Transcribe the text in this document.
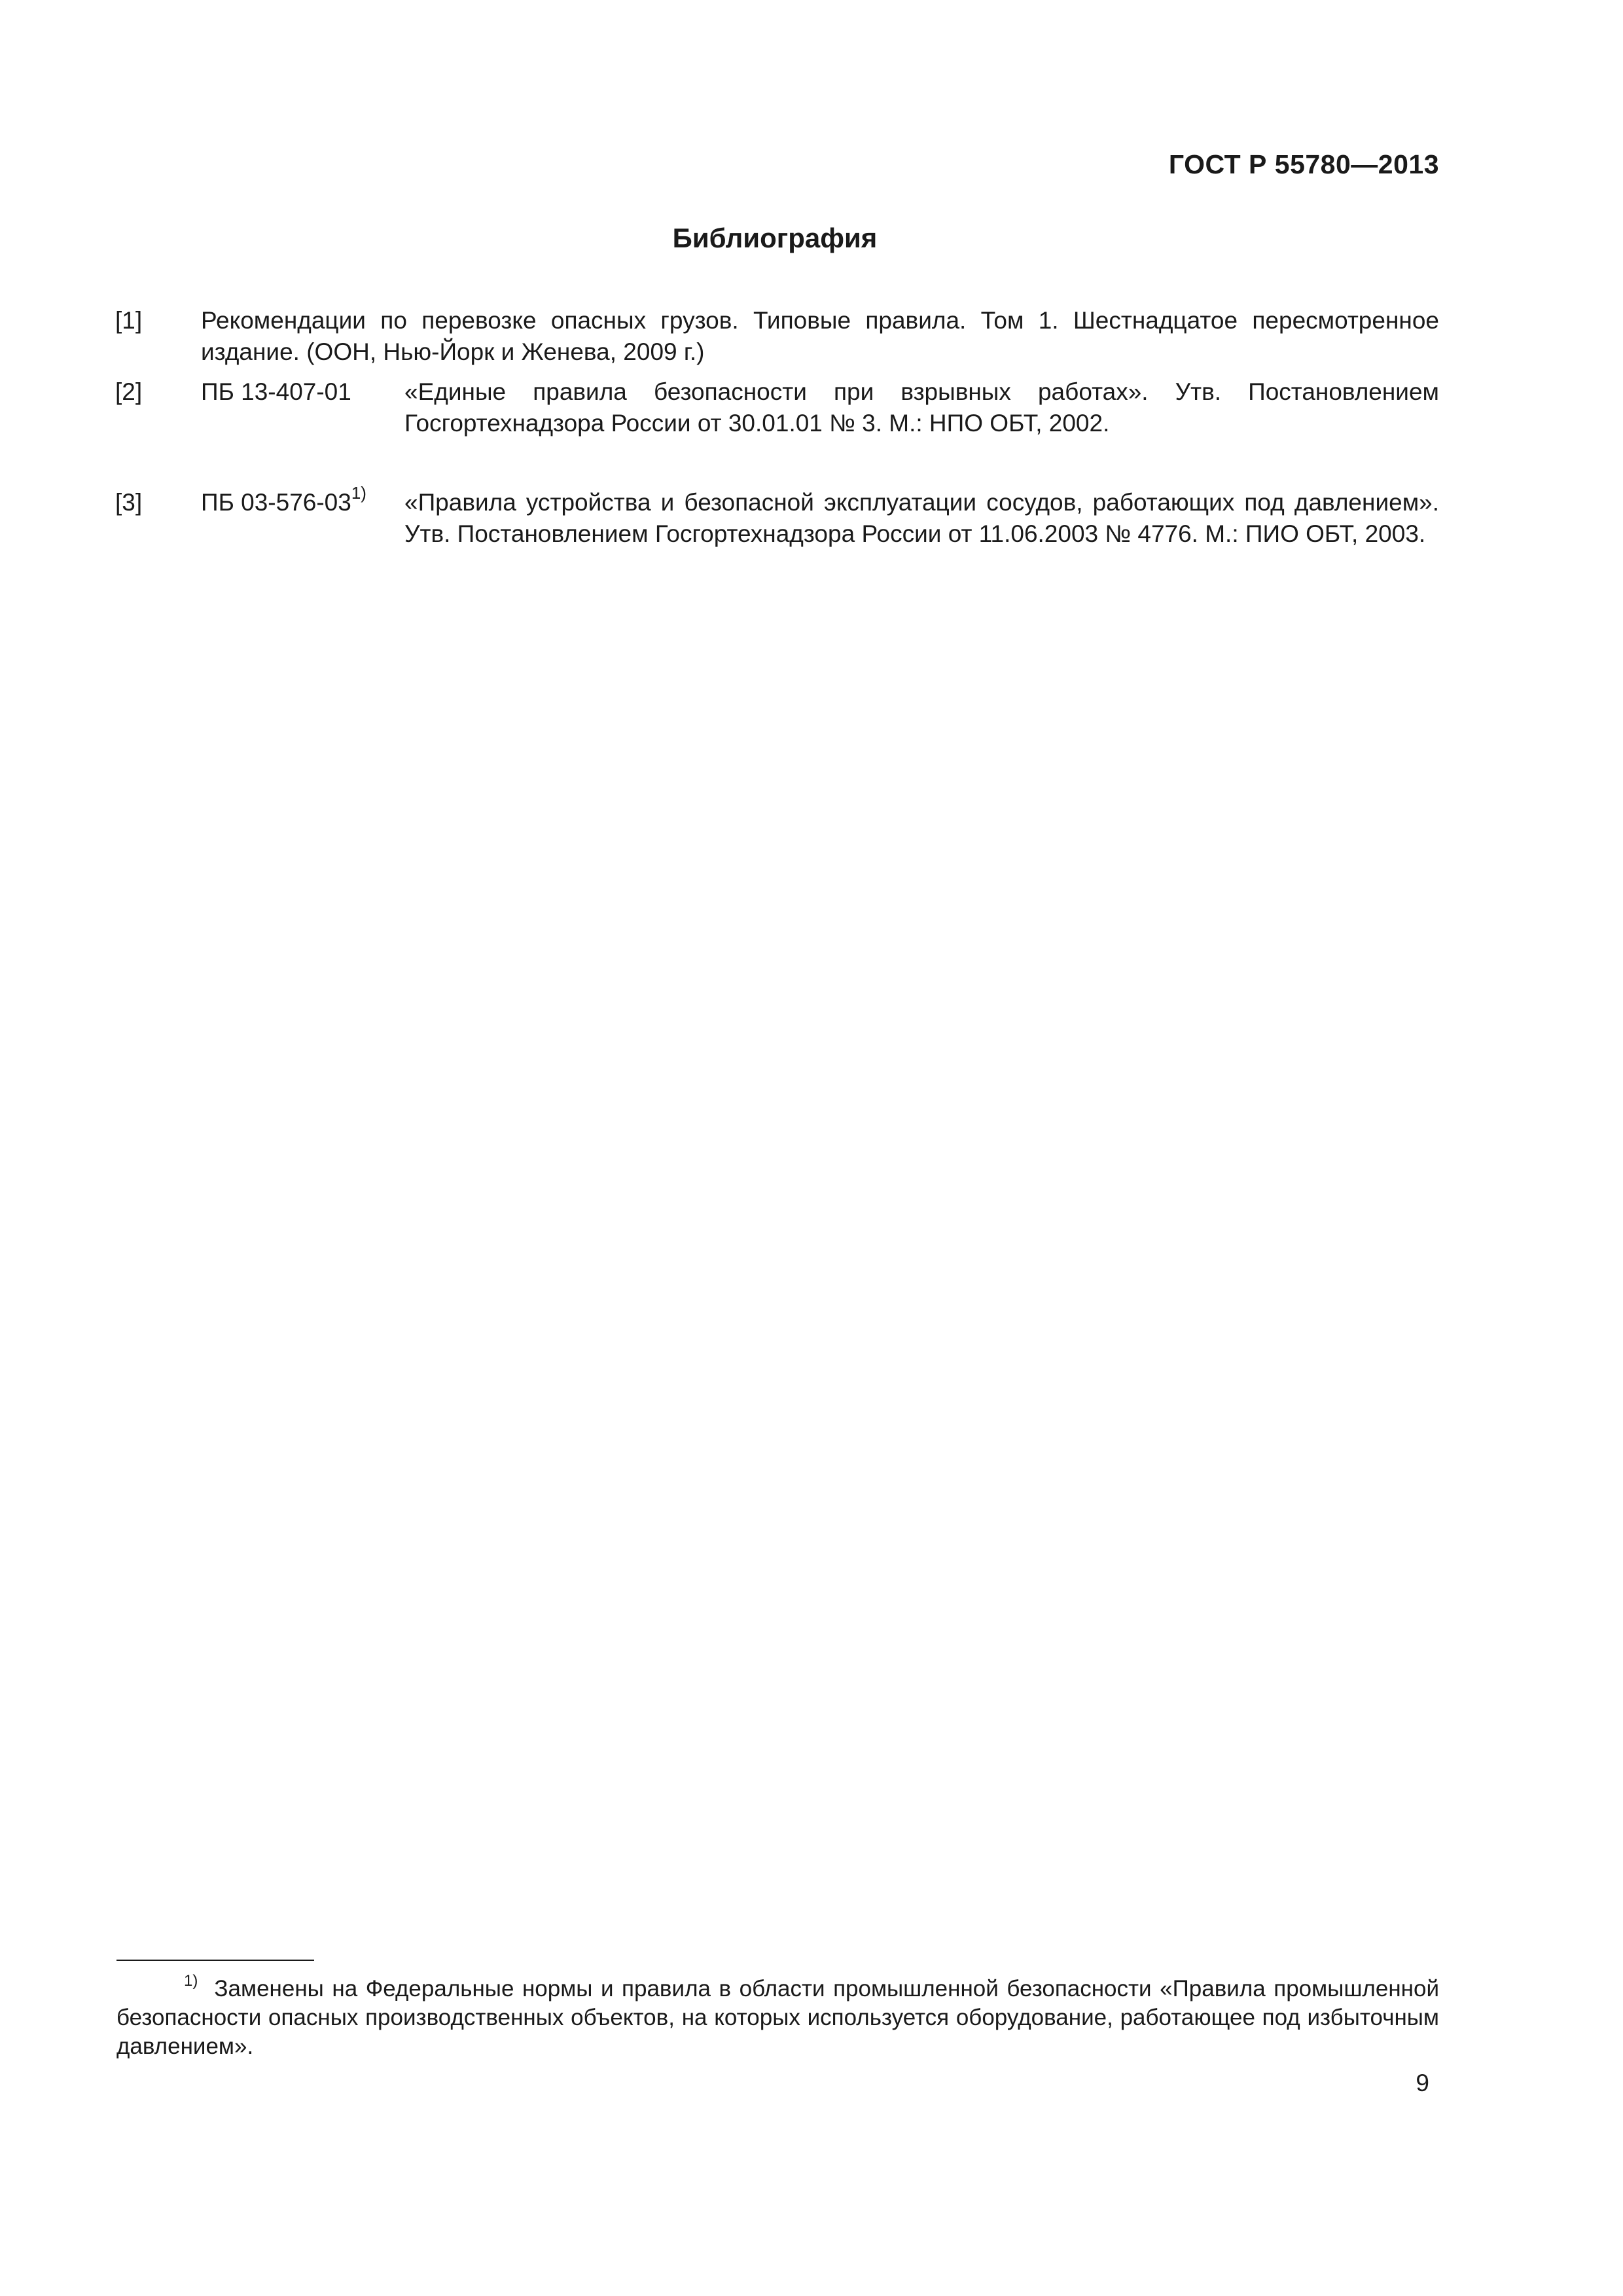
ГОСТ Р 55780—2013
Библиография
[1] Рекомендации по перевозке опасных грузов. Типовые правила. Том 1. Шестнадцатое пересмотренное издание. (ООН, Нью-Йорк и Женева, 2009 г.)
[2] ПБ 13-407-01 «Единые правила безопасности при взрывных работах». Утв. Постановлением Госгортехнадзора России от 30.01.01 № 3. М.: НПО ОБТ, 2002.
[3] ПБ 03-576-03$^{1)}$ «Правила устройства и безопасной эксплуатации сосудов, работающих под давлением». Утв. Постановлением Госгортехнадзора России от 11.06.2003 № 4776. М.: ПИО ОБТ, 2003.
$^{1)}$ Заменены на Федеральные нормы и правила в области промышленной безопасности «Правила промышленной безопасности опасных производственных объектов, на которых используется оборудование, работающее под избыточным давлением».
9
